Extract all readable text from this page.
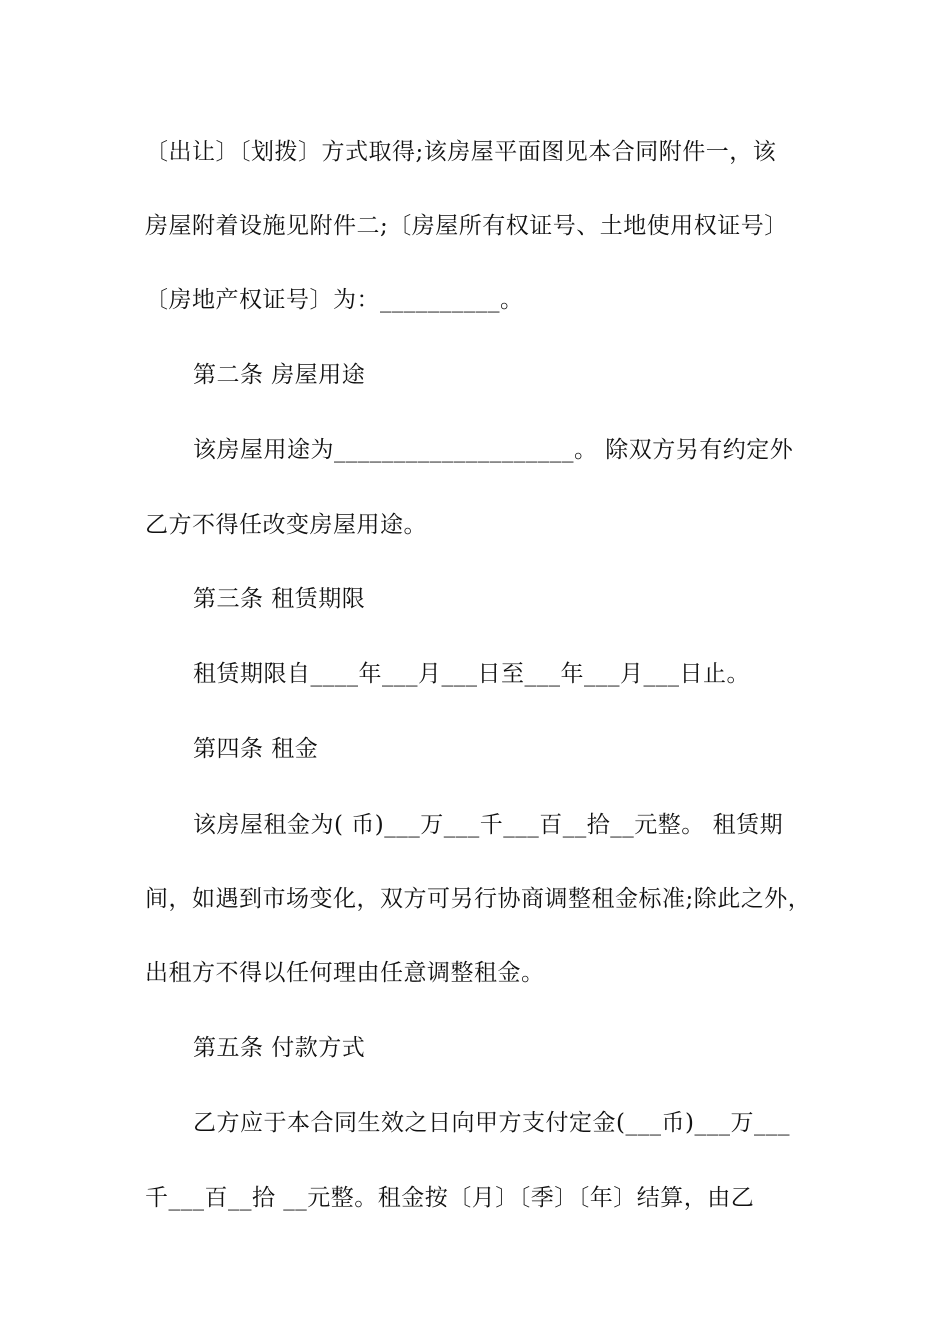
〔出让〕〔划拨〕方式取得;该房屋平面图见本合同附件一，该
房屋附着设施见附件二;〔房屋所有权证号、土地使用权证号〕
〔房地产权证号〕为：__________。
第二条 房屋用途
该房屋用途为____________________。 除双方另有约定外
乙方不得任改变房屋用途。
第三条 租赁期限
租赁期限自____年___月___日至___年___月___日止。
第四条 租金
该房屋租金为( 币)___万___千___百__拾__元整。 租赁期
间，如遇到市场变化，双方可另行协商调整租金标准;除此之外，
出租方不得以任何理由任意调整租金。
第五条 付款方式
乙方应于本合同生效之日向甲方支付定金(___币)___万___
千___百__拾 __元整。租金按〔月〕〔季〕〔年〕结算，由乙
